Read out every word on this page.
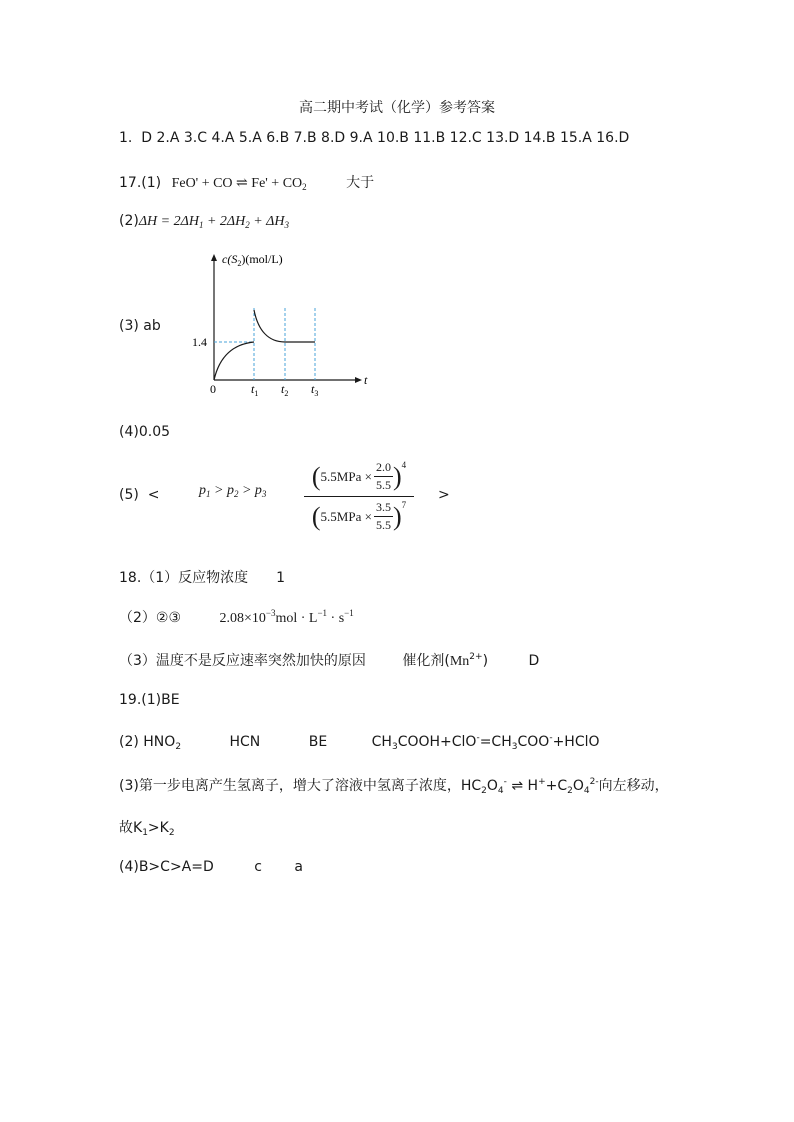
高二期中考试（化学）参考答案
1. D 2.A 3.C 4.A 5.A 6.B 7.B 8.D 9.A 10.B 11.B 12.C 13.D 14.B 15.A 16.D
17.(1) FeO' + CO ⇌ $Fe' + CO_2$	大于
$(2)\Delta H = 2\Delta H_1 + 2\Delta H_2 + \Delta H_3$
(3) ab
$c(S_2)(mol/L)$
1.4
0
t
$t_1$ $t_2$ $t_3$
(4)0.05
(5) <	$p_1 > p_2 > p_3$
( $5.5MPa \times \frac{2.0}{5.5}$ ) 4
( $5.5MPa \times \frac{3.5}{5.5}$ ) 7
>
18.（1）反应物浓度 1
（2）②③	$2.08\times 10^{-3}mol \cdot L^{-1} \cdot s^{-1}$
（3）温度不是反应速率突然加快的原因	催化剂$(Mn^{2+})$	D
19.(1)BE
(2) $HNO_2$	HCN	BE	$CH_3COOH+ClO^-=CH_3COO^-+HClO$
(3)第一步电离产生氢离子，增大了溶液中氢离子浓度，$HC_2O_4^-$ ⇌ $H^++C_2O_4^{2-}$向左移动，
故$K_1>K_2$
(4)B>C>A=D	c a
